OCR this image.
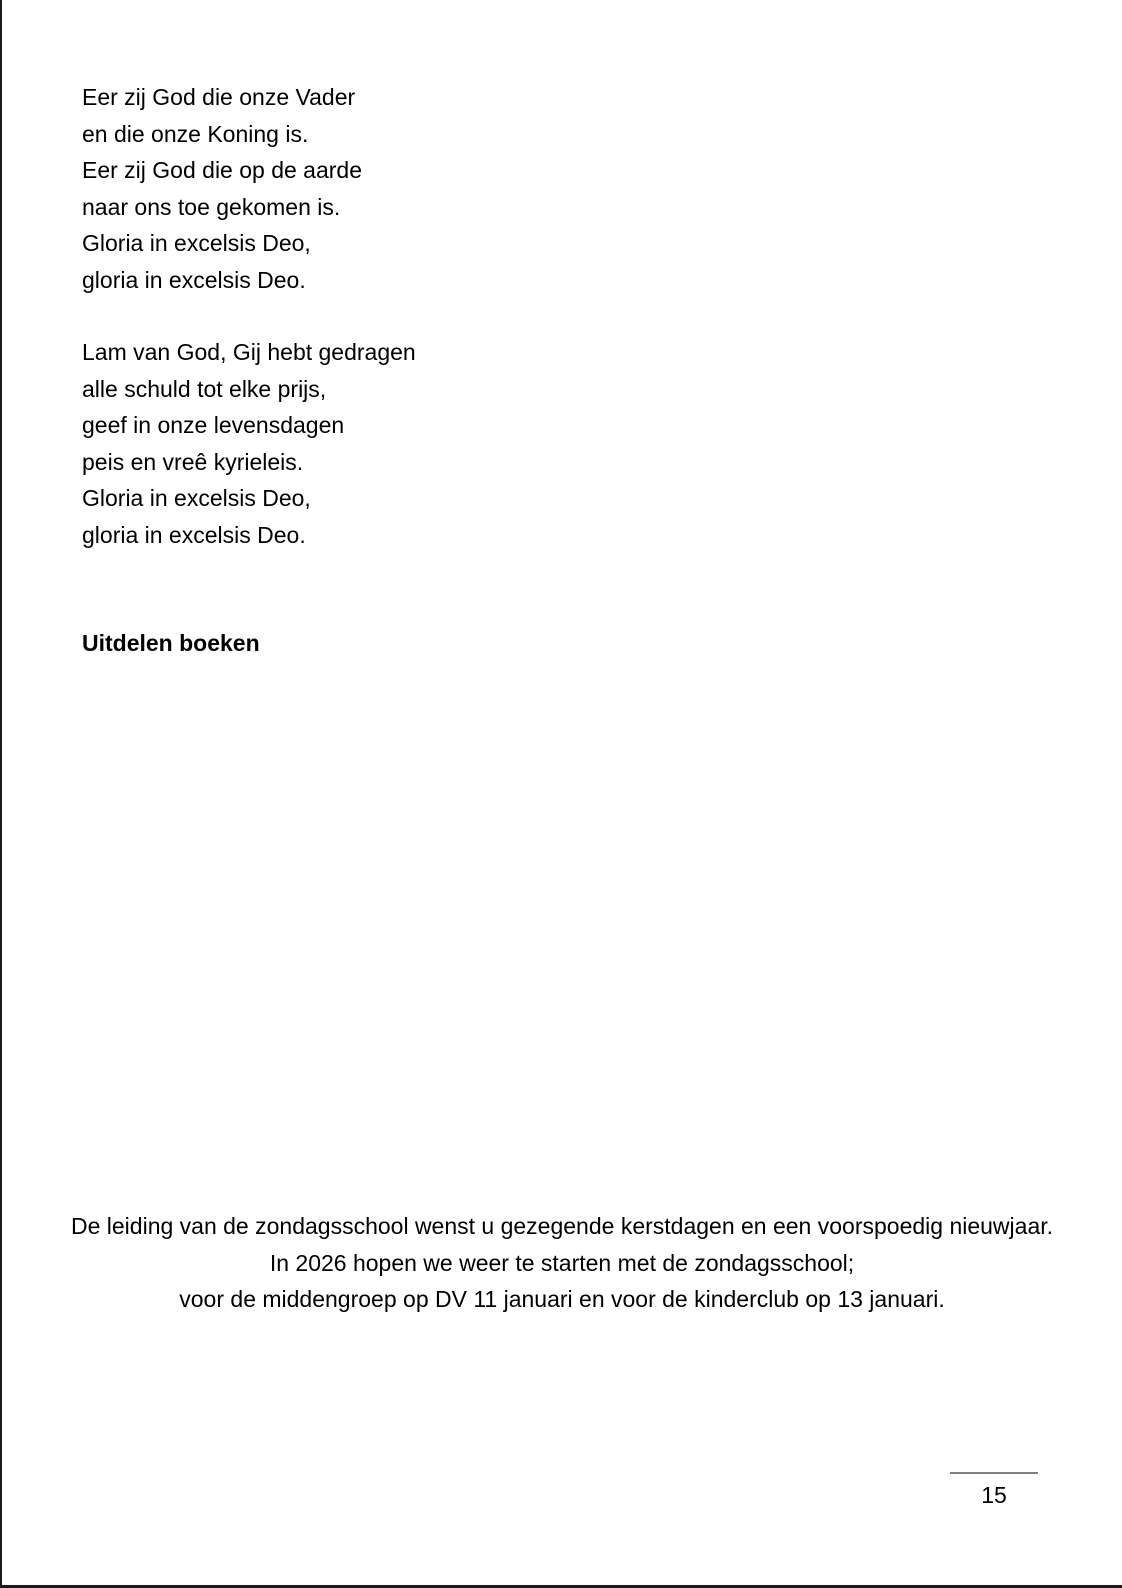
Eer zij God die onze Vader
en die onze Koning is.
Eer zij God die op de aarde
naar ons toe gekomen is.
Gloria in excelsis Deo,
gloria in excelsis Deo.
Lam van God, Gij hebt gedragen
alle schuld tot elke prijs,
geef in onze levensdagen
peis en vreê kyrieleis.
Gloria in excelsis Deo,
gloria in excelsis Deo.
Uitdelen boeken
De leiding van de zondagsschool wenst u gezegende kerstdagen en een voorspoedig nieuwjaar.
In 2026 hopen we weer te starten met de zondagsschool;
voor de middengroep op DV 11 januari en voor de kinderclub op 13 januari.
15
